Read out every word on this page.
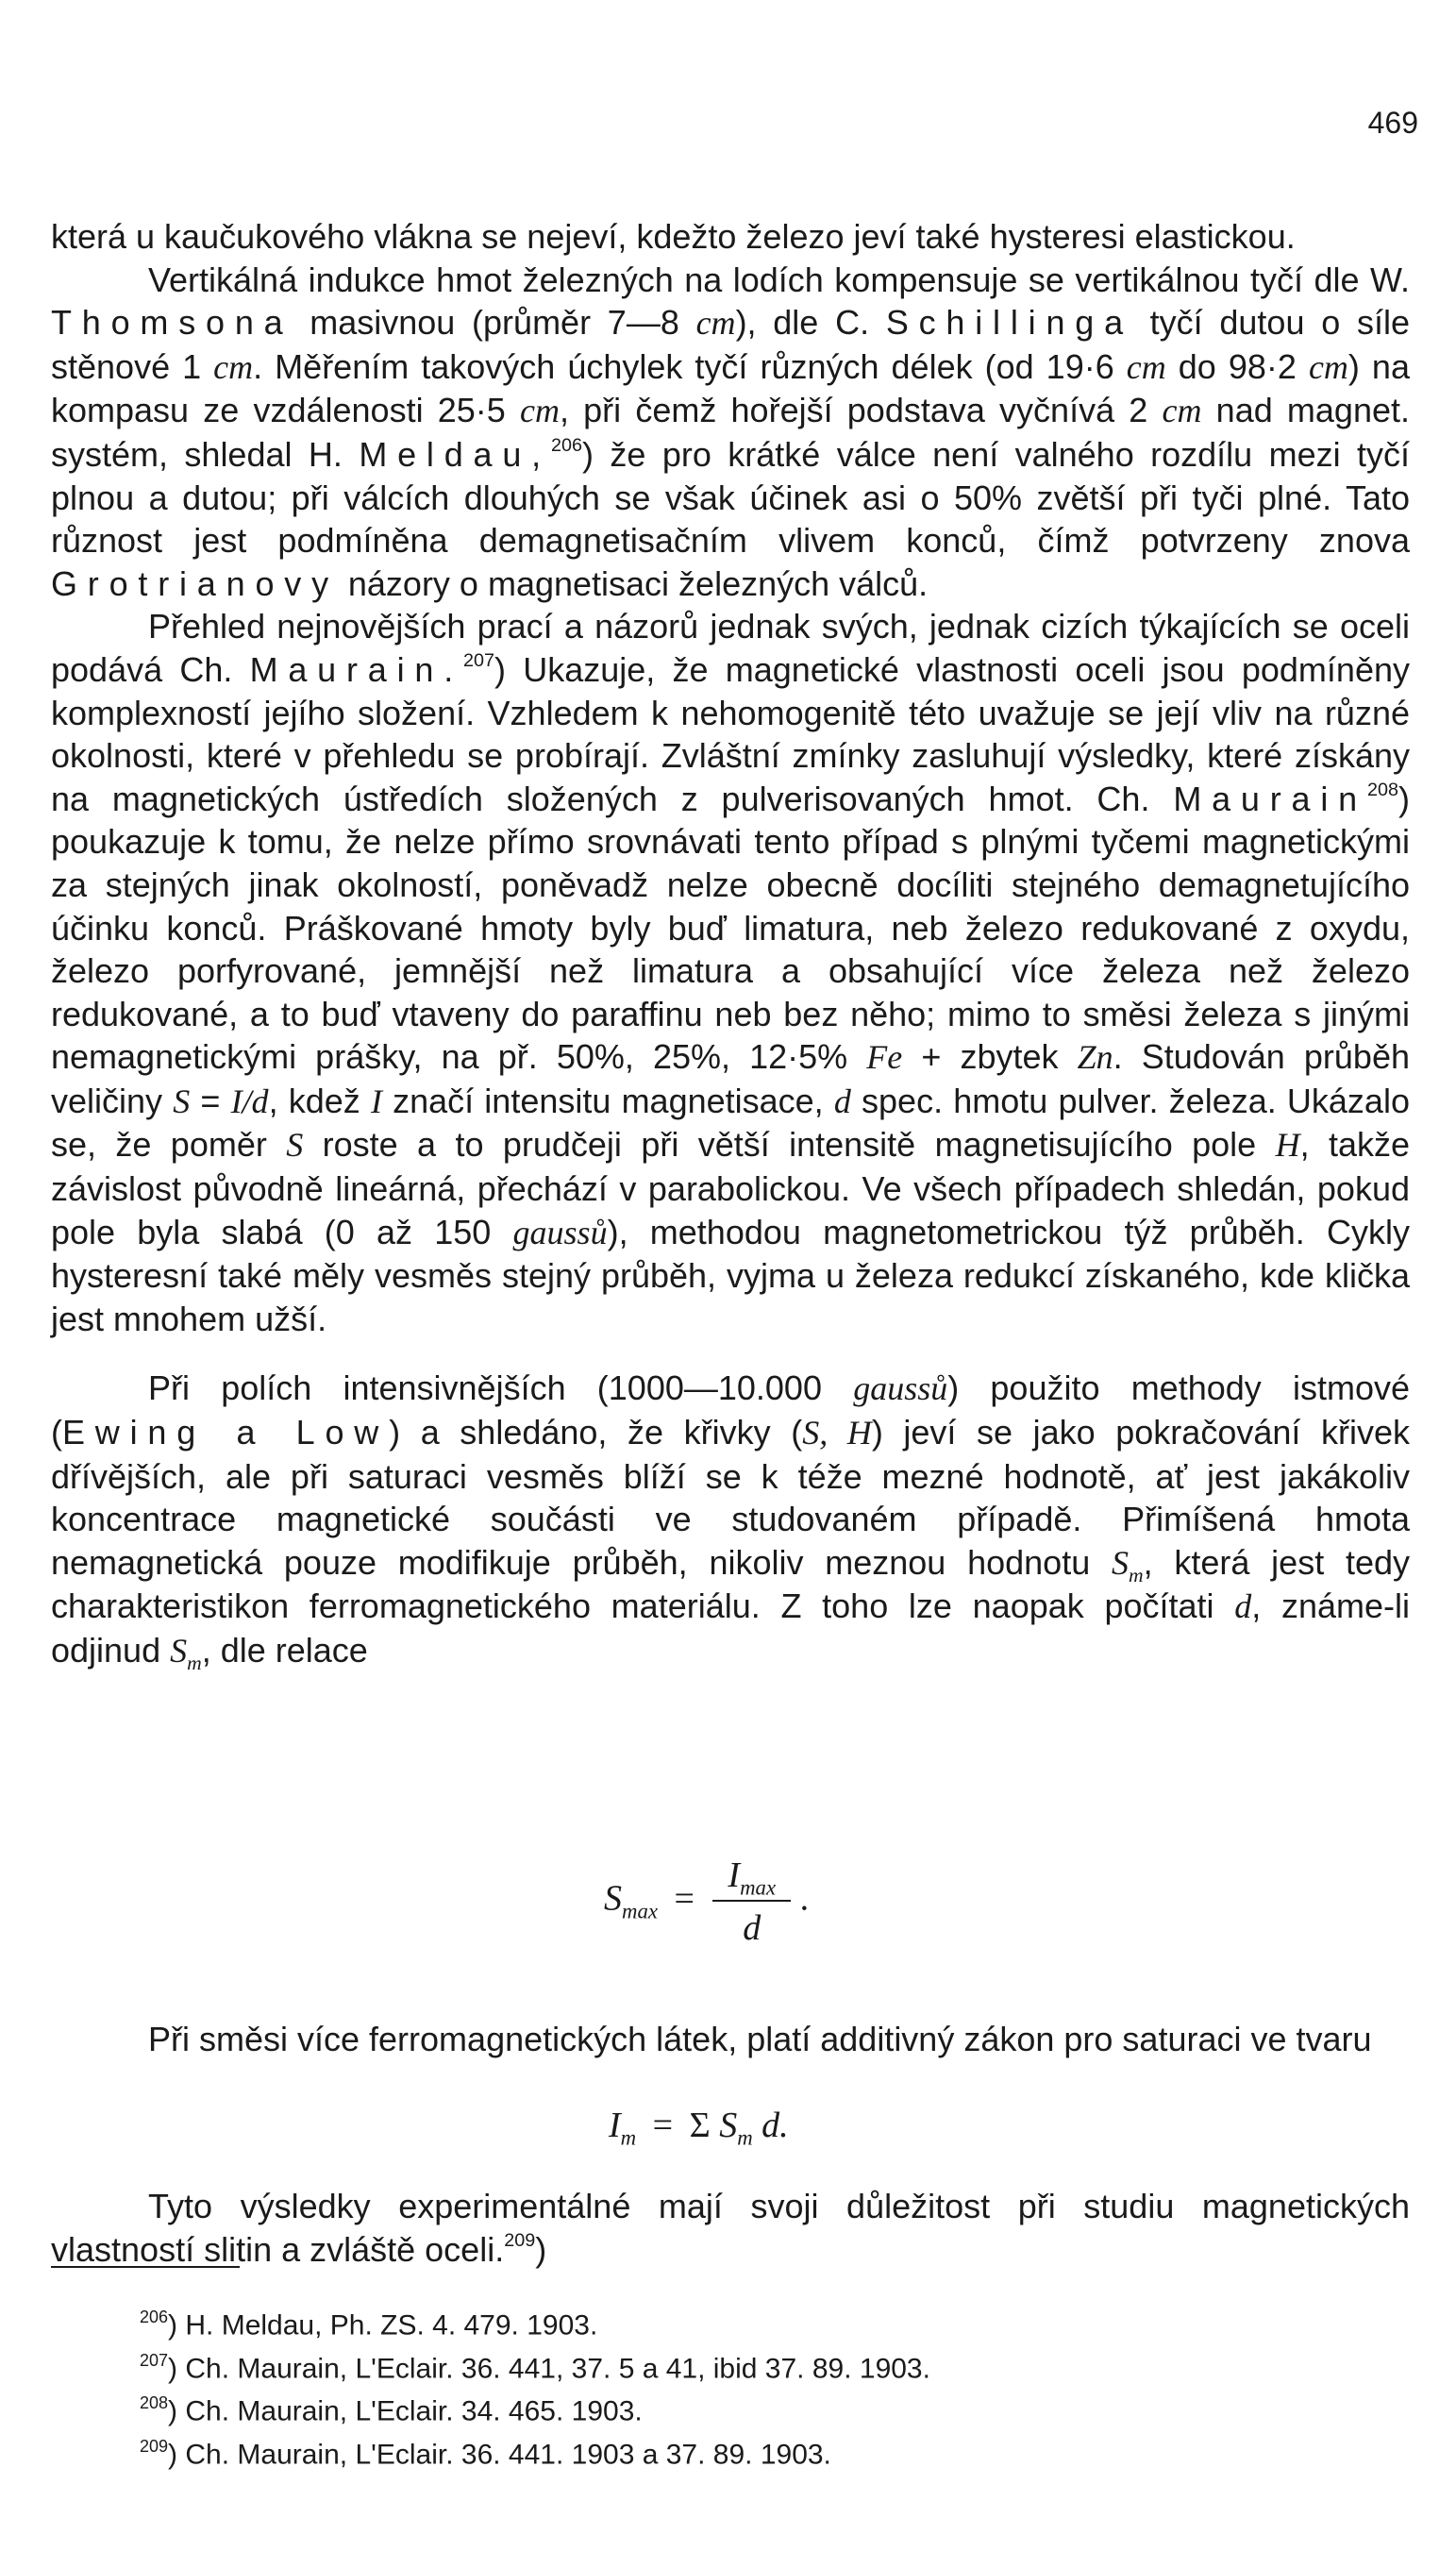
469

která u kaučukového vlákna se nejeví, kdežto železo jeví také hysteresi elastickou.

Vertikálná indukce hmot železných na lodích kompensuje se vertikálnou tyčí dle W. Thomsona masivnou (průměr 7—8 cm), dle C. Schillinga tyčí dutou o síle stěnové 1 cm. Měřením takových úchylek tyčí různých délek (od 19·6 cm do 98·2 cm) na kompasu ze vzdálenosti 25·5 cm, při čemž hořejší podstava vyčnívá 2 cm nad magnet. systém, shledal H. Meldau,$^{206}$) že pro krátké válce není valného rozdílu mezi tyčí plnou a dutou; při válcích dlouhých se však účinek asi o 50% zvětší při tyči plné. Tato různost jest podmíněna demagnetisačním vlivem konců, čímž potvrzeny znova Grotrianovy názory o magnetisaci železných válců.

Přehled nejnovějších prací a názorů jednak svých, jednak cizích týkajících se oceli podává Ch. Maurain.$^{207}$) Ukazuje, že magnetické vlastnosti oceli jsou podmíněny komplexností jejího složení. Vzhledem k nehomogenitě této uvažuje se její vliv na různé okolnosti, které v přehledu se probírají. Zvláštní zmínky zasluhují výsledky, které získány na magnetických ústředích složených z pulverisovaných hmot. Ch. Maurain$^{208}$) poukazuje k tomu, že nelze přímo srovnávati tento případ s plnými tyčemi magnetickými za stejných jinak okolností, poněvadž nelze obecně docíliti stejného demagnetujícího účinku konců. Práškované hmoty byly buď limatura, neb železo redukované z oxydu, železo porfyrované, jemnější než limatura a obsahující více železa než železo redukované, a to buď vtaveny do paraffinu neb bez něho; mimo to směsi železa s jinými nemagnetickými prášky, na př. 50%, 25%, 12·5% Fe + zbytek Zn. Studován průběh veličiny S = I/d, kdež I značí intensitu magnetisace, d spec. hmotu pulver. železa. Ukázalo se, že poměr S roste a to prudčeji při větší intensitě magnetisujícího pole H, takže závislost původně lineárná, přechází v parabolickou. Ve všech případech shledán, pokud pole byla slabá (0 až 150 gaussů), methodou magnetometrickou týž průběh. Cykly hysteresní také měly vesměs stejný průběh, vyjma u železa redukcí získaného, kde klička jest mnohem užší.

Při polích intensivnějších (1000—10.000 gaussů) použito methody istmové (Ewing a Low) a shledáno, že křivky (S, H) jeví se jako pokračování křivek dřívějších, ale při saturaci vesměs blíží se k téže mezné hodnotě, ať jest jakákoliv koncentrace magnetické součásti ve studovaném případě. Přimíšená hmota nemagnetická pouze modifikuje průběh, nikoliv meznou hodnotu $S_m$, která jest tedy charakteristikon ferromagnetického materiálu. Z toho lze naopak počítati d, známe-li odjinud $S_m$, dle relace

$S_{max} = \frac{I_{max}}{d}$ .

Při směsi více ferromagnetických látek, platí additivný zákon pro saturaci ve tvaru

$I_m = \Sigma$ $S_m$ d.

Tyto výsledky experimentálné mají svoji důležitost při studiu magnetických vlastností slitin a zvláště oceli.$^{209}$)

$^{206}$) H. Meldau, Ph. ZS. 4. 479. 1903.
$^{207}$) Ch. Maurain, L'Eclair. 36. 441, 37. 5 a 41, ibid 37. 89. 1903.
$^{208}$) Ch. Maurain, L'Eclair. 34. 465. 1903.
$^{209}$) Ch. Maurain, L'Eclair. 36. 441. 1903 a 37. 89. 1903.
